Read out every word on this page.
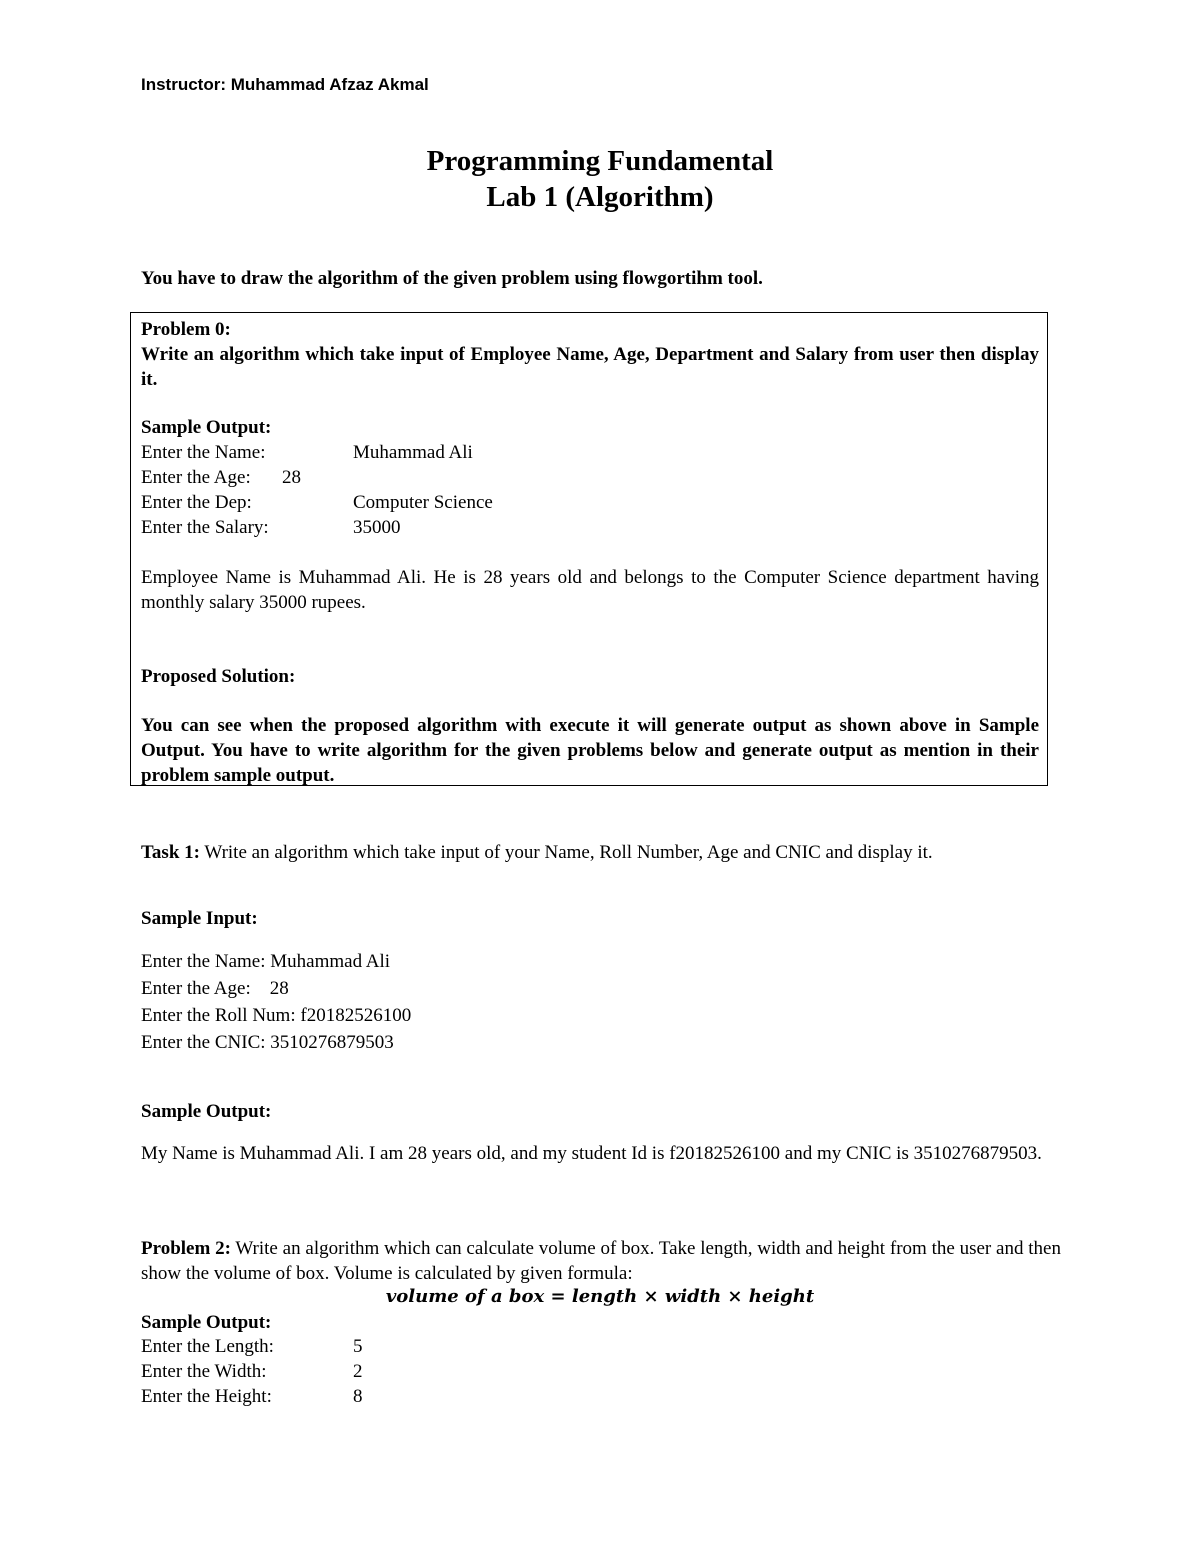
Instructor: Muhammad Afzaz Akmal
Programming Fundamental
Lab 1 (Algorithm)
You have to draw the algorithm of the given problem using flowgortihm tool.
Problem 0:
Write an algorithm which take input of Employee Name, Age, Department and Salary from user then display it.
Sample Output:
Enter the Name:	Muhammad Ali
Enter the Age: 28
Enter the Dep:	Computer Science
Enter the Salary:	35000
Employee Name is Muhammad Ali. He is 28 years old and belongs to the Computer Science department having monthly salary 35000 rupees.
Proposed Solution:
You can see when the proposed algorithm with execute it will generate output as shown above in Sample Output. You have to write algorithm for the given problems below and generate output as mention in their problem sample output.
Task 1: Write an algorithm which take input of your Name, Roll Number, Age and CNIC and display it.
Sample Input:
Enter the Name: Muhammad Ali
Enter the Age:    28
Enter the Roll Num: f20182526100
Enter the CNIC: 3510276879503
Sample Output:
My Name is Muhammad Ali. I am 28 years old, and my student Id is f20182526100 and my CNIC is 3510276879503.
Problem 2: Write an algorithm which can calculate volume of box. Take length, width and height from the user and then show the volume of box. Volume is calculated by given formula:
volume of a box = length × width × height
Sample Output:
Enter the Length:	5
Enter the Width:	2
Enter the Height:	8
